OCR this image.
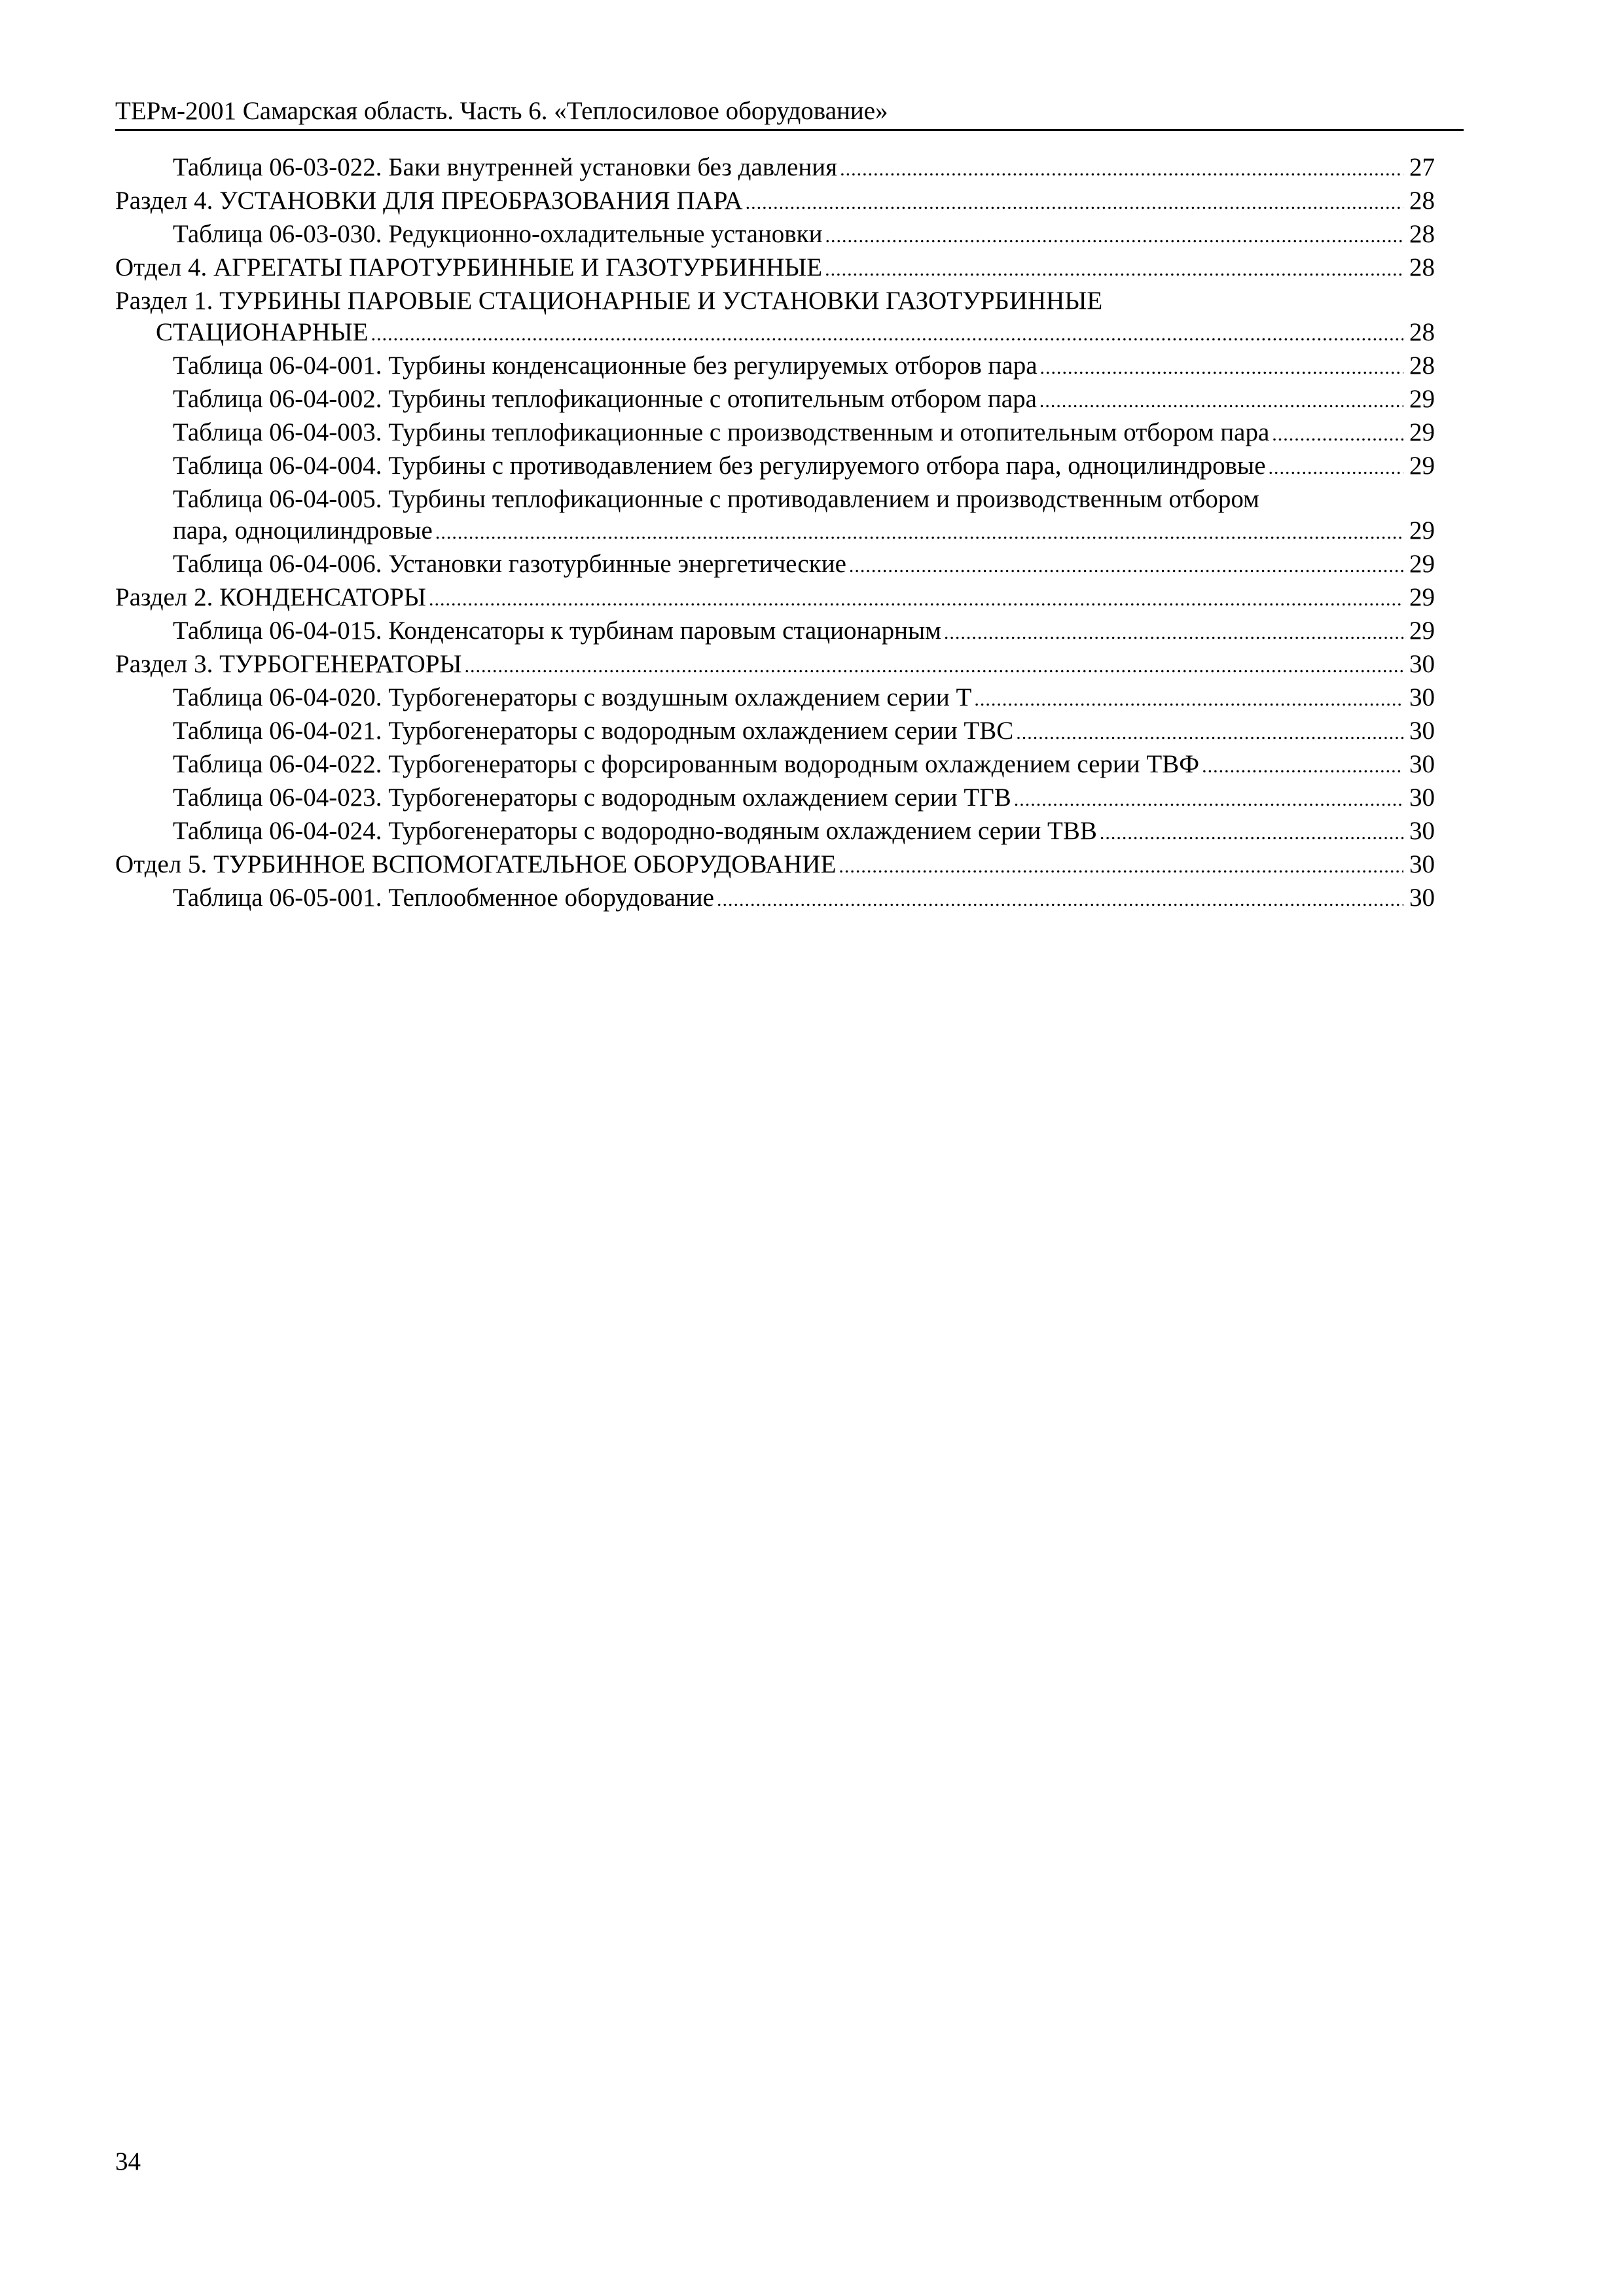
ТЕРм-2001 Самарская область. Часть 6. «Теплосиловое оборудование»
Таблица 06-03-022. Баки внутренней установки без давления .....	27
Раздел 4. УСТАНОВКИ ДЛЯ ПРЕОБРАЗОВАНИЯ ПАРА .....	28
Таблица 06-03-030. Редукционно-охладительные установки .....	28
Отдел 4. АГРЕГАТЫ ПАРОТУРБИННЫЕ И ГАЗОТУРБИННЫЕ .....	28
Раздел 1. ТУРБИНЫ ПАРОВЫЕ СТАЦИОНАРНЫЕ И УСТАНОВКИ ГАЗОТУРБИННЫЕ
СТАЦИОНАРНЫЕ .....	28
Таблица 06-04-001. Турбины конденсационные без регулируемых отборов пара .....	28
Таблица 06-04-002. Турбины теплофикационные с отопительным отбором пара .....	29
Таблица 06-04-003. Турбины теплофикационные с производственным и отопительным отбором пара .....	29
Таблица 06-04-004. Турбины с противодавлением без регулируемого отбора пара, одноцилиндровые .....	29
Таблица 06-04-005. Турбины теплофикационные с противодавлением и производственным отбором
пара, одноцилиндровые .....	29
Таблица 06-04-006. Установки газотурбинные энергетические .....	29
Раздел 2. КОНДЕНСАТОРЫ .....	29
Таблица 06-04-015. Конденсаторы к турбинам паровым стационарным .....	29
Раздел 3. ТУРБОГЕНЕРАТОРЫ .....	30
Таблица 06-04-020. Турбогенераторы с воздушным охлаждением серии Т .....	30
Таблица 06-04-021. Турбогенераторы с водородным охлаждением серии ТВС .....	30
Таблица 06-04-022. Турбогенераторы с форсированным водородным охлаждением серии ТВФ .....	30
Таблица 06-04-023. Турбогенераторы с водородным охлаждением серии ТГВ .....	30
Таблица 06-04-024. Турбогенераторы с водородно-водяным охлаждением серии ТВВ .....	30
Отдел 5. ТУРБИННОЕ ВСПОМОГАТЕЛЬНОЕ ОБОРУДОВАНИЕ .....	30
Таблица 06-05-001. Теплообменное оборудование .....	30
34
